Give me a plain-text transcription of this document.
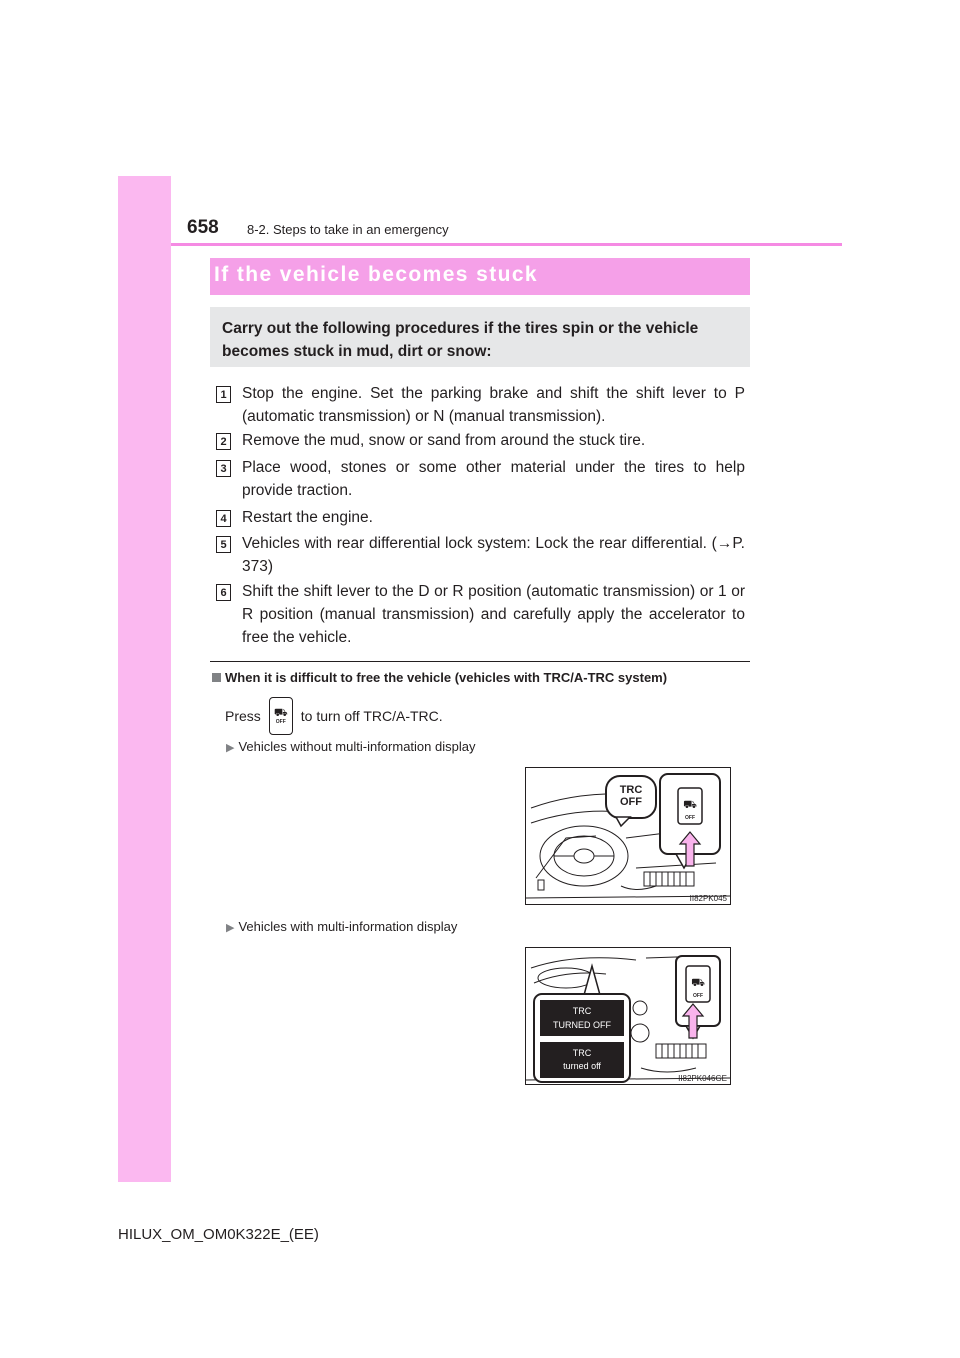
658 8-2. Steps to take in an emergency
If the vehicle becomes stuck
Carry out the following procedures if the tires spin or the vehicle becomes stuck in mud, dirt or snow:
1 Stop the engine. Set the parking brake and shift the shift lever to P (automatic transmission) or N (manual transmission).
2 Remove the mud, snow or sand from around the stuck tire.
3 Place wood, stones or some other material under the tires to help provide traction.
4 Restart the engine.
5 Vehicles with rear differential lock system: Lock the rear differential. (→P. 373)
6 Shift the shift lever to the D or R position (automatic transmission) or 1 or R position (manual transmission) and carefully apply the accelerator to free the vehicle.
When it is difficult to free the vehicle (vehicles with TRC/A-TRC system)
Press ⛟
OFF to turn off TRC/A-TRC.
▶ Vehicles without multi-information display
TRC
OFF	⛟
OFF
II82PK045
▶ Vehicles with multi-information display
⛟
OFF
TRC
TURNED OFF
TRC
turned off
II82PK046GE
HILUX_OM_OM0K322E_(EE)
